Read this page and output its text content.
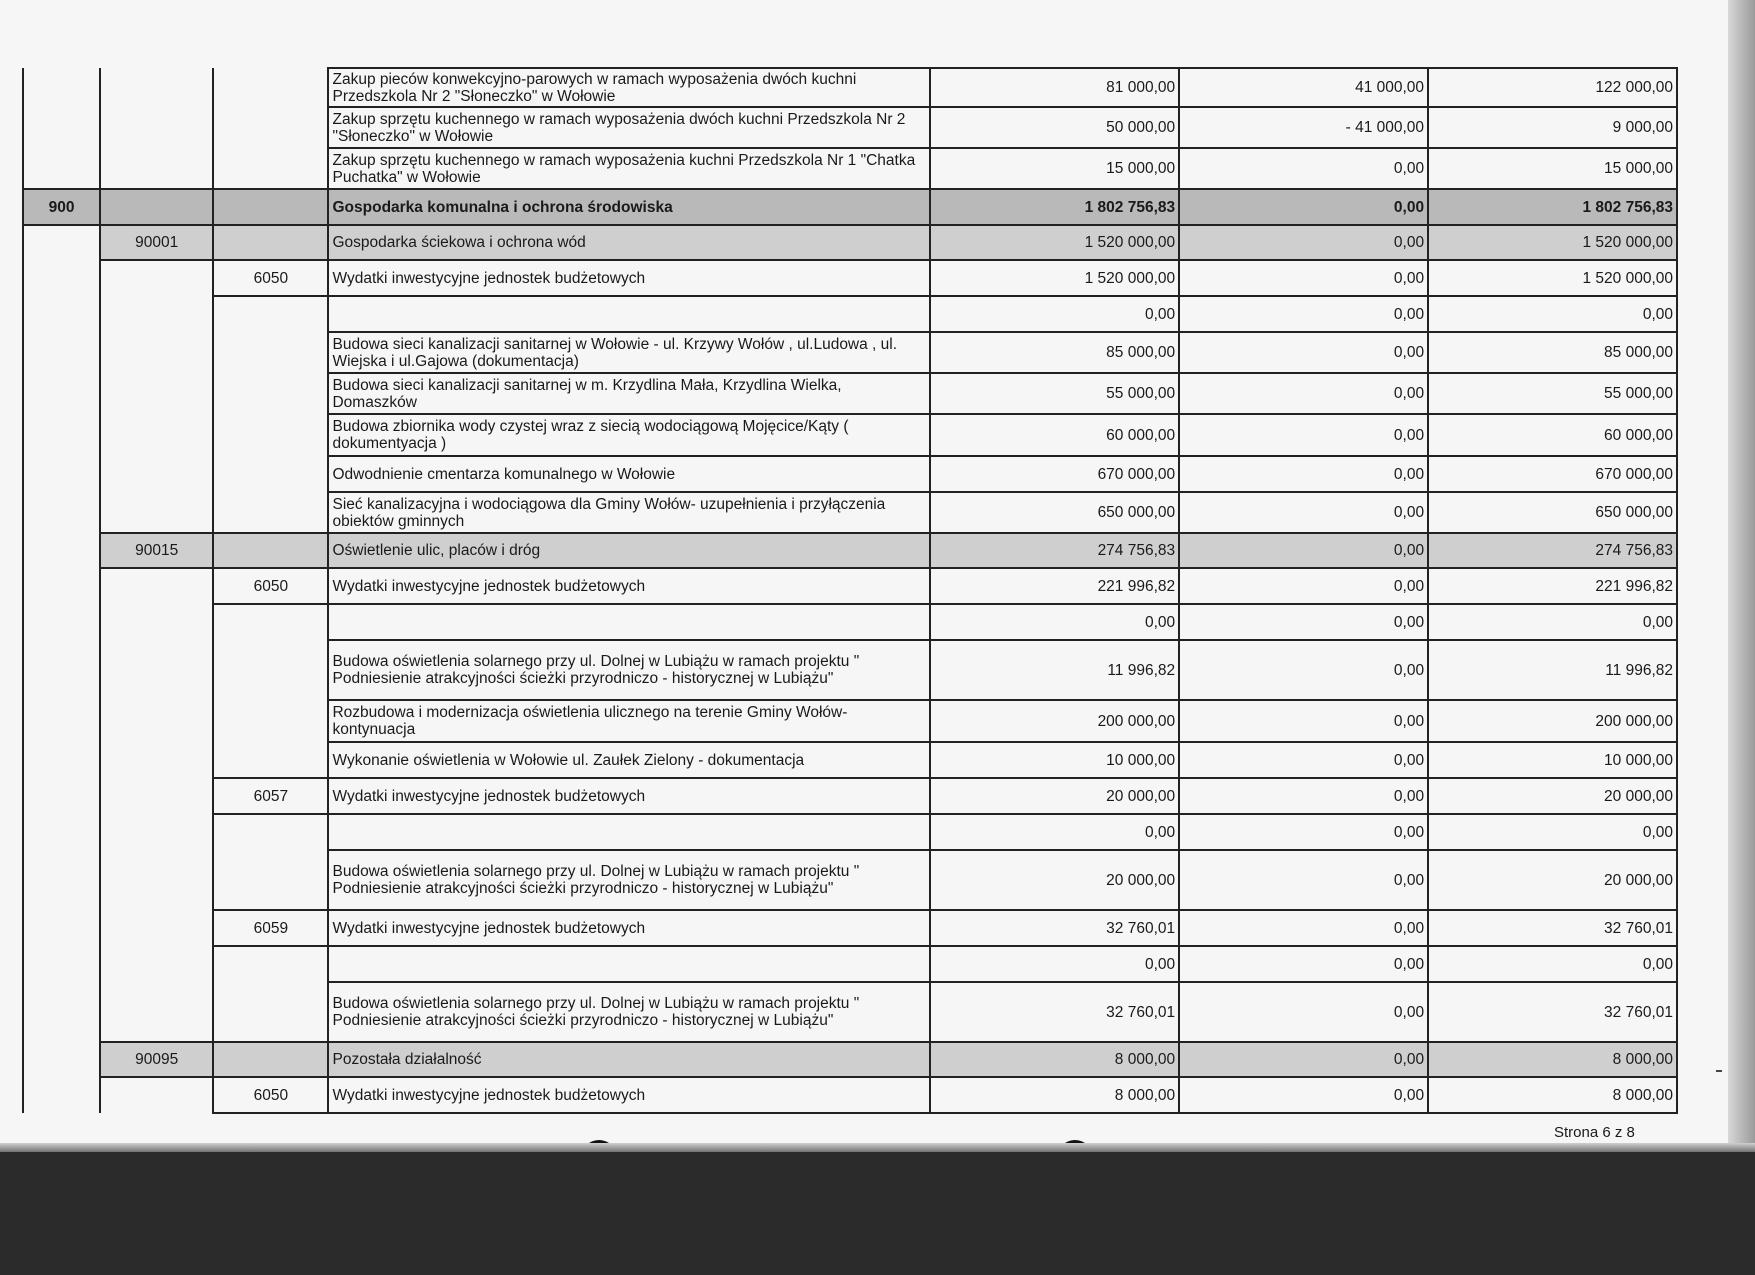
			Zakup pieców konwekcyjno-parowych w ramach wyposażenia dwóch kuchni Przedszkola Nr 2 "Słoneczko" w Wołowie	81 000,00	41 000,00	122 000,00
			Zakup sprzętu kuchennego w ramach wyposażenia dwóch kuchni Przedszkola Nr 2 "Słoneczko" w Wołowie	50 000,00	- 41 000,00	9 000,00
			Zakup sprzętu kuchennego w ramach wyposażenia kuchni Przedszkola Nr 1 "Chatka Puchatka" w Wołowie	15 000,00	0,00	15 000,00
900			Gospodarka komunalna i ochrona środowiska	1 802 756,83	0,00	1 802 756,83
	90001		Gospodarka ściekowa i ochrona wód	1 520 000,00	0,00	1 520 000,00
		6050	Wydatki inwestycyjne jednostek budżetowych	1 520 000,00	0,00	1 520 000,00
				0,00	0,00	0,00
			Budowa sieci kanalizacji sanitarnej w Wołowie - ul. Krzywy Wołów , ul.Ludowa , ul. Wiejska i ul.Gajowa (dokumentacja)	85 000,00	0,00	85 000,00
			Budowa sieci kanalizacji sanitarnej w m. Krzydlina Mała, Krzydlina Wielka, Domaszków	55 000,00	0,00	55 000,00
			Budowa zbiornika wody czystej wraz z siecią wodociągową Mojęcice/Kąty ( dokumentyacja )	60 000,00	0,00	60 000,00
			Odwodnienie cmentarza komunalnego w Wołowie	670 000,00	0,00	670 000,00
			Sieć kanalizacyjna i wodociągowa dla Gminy Wołów- uzupełnienia i przyłączenia obiektów gminnych	650 000,00	0,00	650 000,00
	90015		Oświetlenie ulic, placów i dróg	274 756,83	0,00	274 756,83
		6050	Wydatki inwestycyjne jednostek budżetowych	221 996,82	0,00	221 996,82
				0,00	0,00	0,00
			Budowa oświetlenia solarnego przy ul. Dolnej w Lubiążu w ramach projektu " Podniesienie atrakcyjności ścieżki przyrodniczo - historycznej w Lubiążu"	11 996,82	0,00	11 996,82
			Rozbudowa i modernizacja oświetlenia ulicznego na terenie Gminy Wołów- kontynuacja	200 000,00	0,00	200 000,00
			Wykonanie oświetlenia w Wołowie ul. Zaułek Zielony - dokumentacja	10 000,00	0,00	10 000,00
		6057	Wydatki inwestycyjne jednostek budżetowych	20 000,00	0,00	20 000,00
				0,00	0,00	0,00
			Budowa oświetlenia solarnego przy ul. Dolnej w Lubiążu w ramach projektu " Podniesienie atrakcyjności ścieżki przyrodniczo - historycznej w Lubiążu"	20 000,00	0,00	20 000,00
		6059	Wydatki inwestycyjne jednostek budżetowych	32 760,01	0,00	32 760,01
				0,00	0,00	0,00
			Budowa oświetlenia solarnego przy ul. Dolnej w Lubiążu w ramach projektu " Podniesienie atrakcyjności ścieżki przyrodniczo - historycznej w Lubiążu"	32 760,01	0,00	32 760,01
	90095		Pozostała działalność	8 000,00	0,00	8 000,00
		6050	Wydatki inwestycyjne jednostek budżetowych	8 000,00	0,00	8 000,00
Strona 6 z 8
